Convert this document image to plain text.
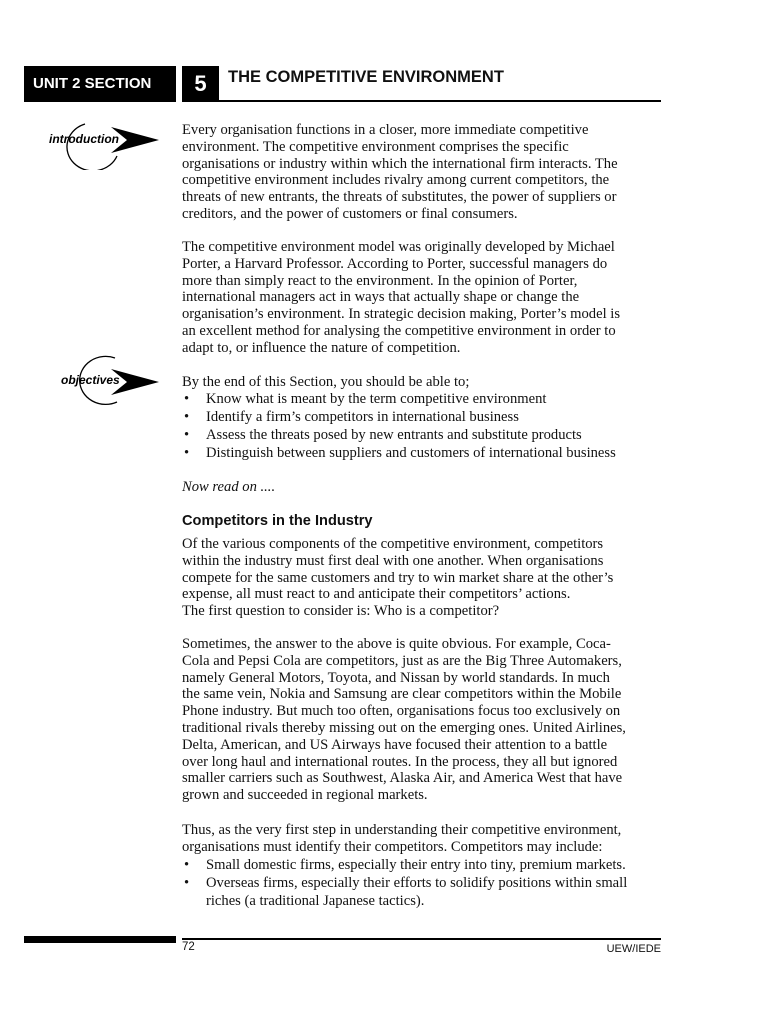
UNIT 2 SECTION	5	THE COMPETITIVE ENVIRONMENT
introduction
objectives

Every organisation functions in a closer, more immediate competitive
environment. The competitive environment comprises the specific
organisations or industry within which the international firm interacts. The
competitive environment includes rivalry among current competitors, the
threats of new entrants, the threats of substitutes, the power of suppliers or
creditors, and the power of customers or final consumers.

The competitive environment model was originally developed by Michael
Porter, a Harvard Professor. According to Porter, successful managers do
more than simply react to the environment. In the opinion of Porter,
international managers act in ways that actually shape or change the
organisation’s environment. In strategic decision making, Porter’s model is
an excellent method for analysing the competitive environment in order to
adapt to, or influence the nature of competition.

By the end of this Section, you should be able to;

• Know what is meant by the term competitive environment
• Identify a firm’s competitors in international business
• Assess the threats posed by new entrants and substitute products
• Distinguish between suppliers and customers of international business

Now read on ....

Competitors in the Industry

Of the various components of the competitive environment, competitors
within the industry must first deal with one another. When organisations
compete for the same customers and try to win market share at the other’s
expense, all must react to and anticipate their competitors’ actions.
The first question to consider is: Who is a competitor?

Sometimes, the answer to the above is quite obvious. For example, Coca-
Cola and Pepsi Cola are competitors, just as are the Big Three Automakers,
namely General Motors, Toyota, and Nissan by world standards. In much
the same vein, Nokia and Samsung are clear competitors within the Mobile
Phone industry. But much too often, organisations focus too exclusively on
traditional rivals thereby missing out on the emerging ones. United Airlines,
Delta, American, and US Airways have focused their attention to a battle
over long haul and international routes. In the process, they all but ignored
smaller carriers such as Southwest, Alaska Air, and America West that have
grown and succeeded in regional markets.

Thus, as the very first step in understanding their competitive environment,
organisations must identify their competitors. Competitors may include:

• Small domestic firms, especially their entry into tiny, premium markets.
• Overseas firms, especially their efforts to solidify positions within small
riches (a traditional Japanese tactics).
72	UEW/IEDE
